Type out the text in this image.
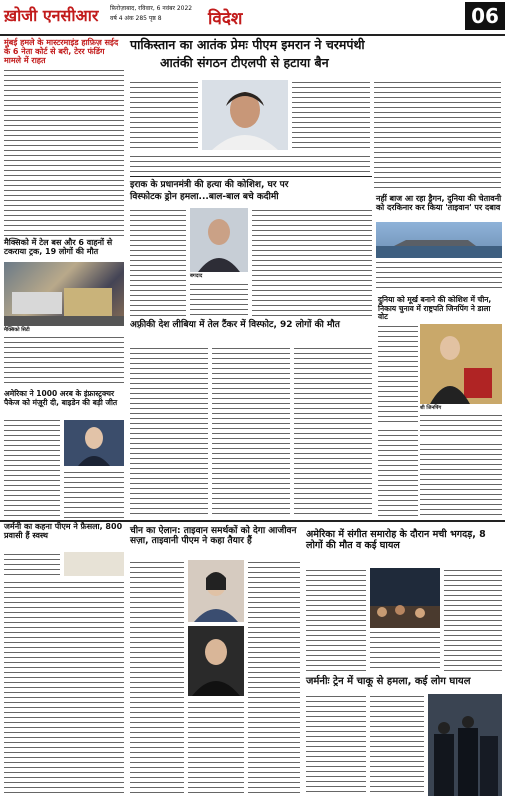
ख़ोजी एनसीआर फ़िरोज़ाबाद, रविवार, 6 नवंबर 2022
वर्ष 4 अंक 285 पृष्ठ 8	विदेश	06
मुंबई हमले के मास्टरमाइंड हाफ़िज़ सईद के 6 नेता कोर्ट से बरी, टेरर फंडिंग मामले में राहत
मैक्सिको में टेल बस और 6 वाहनों से टकराया ट्रक, 19 लोगों की मौत
मैक्सिको सिटी
अमेरिका ने 1000 अरब के इंफ्रास्ट्रक्चर पैकेज को मंज़ूरी दी, बाइडेन की बड़ी जीत
जर्मनी का कहना पीएम ने फ़ैसला, 800 प्रवासी हैं स्वस्थ
पाकिस्तान का आतंक प्रेमः पीएम इमरान ने चरमपंथी
आतंकी संगठन टीएलपी से हटाया बैन
इराक के प्रधानमंत्री की हत्या की कोशिश, घर पर
विस्फोटक ड्रोन हमला...बाल-बाल बचे कदीमी
बगदाद
नहीं बाज आ रहा ड्रैगन, दुनिया की चेतावनी को दरकिनार कर किया 'ताइवान' पर दबाव
अफ़्रीकी देश लीबिया में तेल टैंकर में विस्फोट, 92 लोगों की मौत
दुनिया को मूर्ख बनाने की कोशिश में चीन, निकाय चुनाव में राष्ट्रपति जिनपिंग ने डाला वोट
शी जिनपिंग
चीन का ऐलान: ताइवान समर्थकों को देगा आजीवन सज़ा, ताइवानी पीएम ने कहा तैयार हैं
अमेरिका में संगीत समारोह के दौरान मची भगदड़, 8 लोगों की मौत व कई घायल
जर्मनीः ट्रेन में चाकू से हमला, कई लोग घायल
